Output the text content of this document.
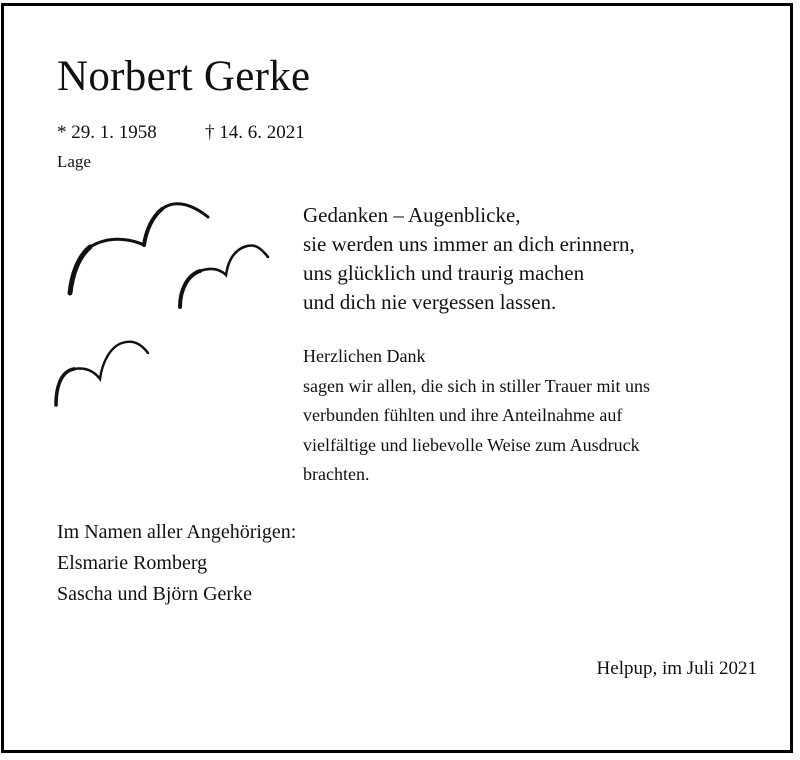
Norbert Gerke
* 29. 1. 1958	† 14. 6. 2021
Lage
Gedanken – Augenblicke,
sie werden uns immer an dich erinnern,
uns glücklich und traurig machen
und dich nie vergessen lassen.
Herzlichen Dank
sagen wir allen, die sich in stiller Trauer mit uns
verbunden fühlten und ihre Anteilnahme auf
vielfältige und liebevolle Weise zum Ausdruck
brachten.
Im Namen aller Angehörigen:
Elsmarie Romberg
Sascha und Björn Gerke
Helpup, im Juli 2021
